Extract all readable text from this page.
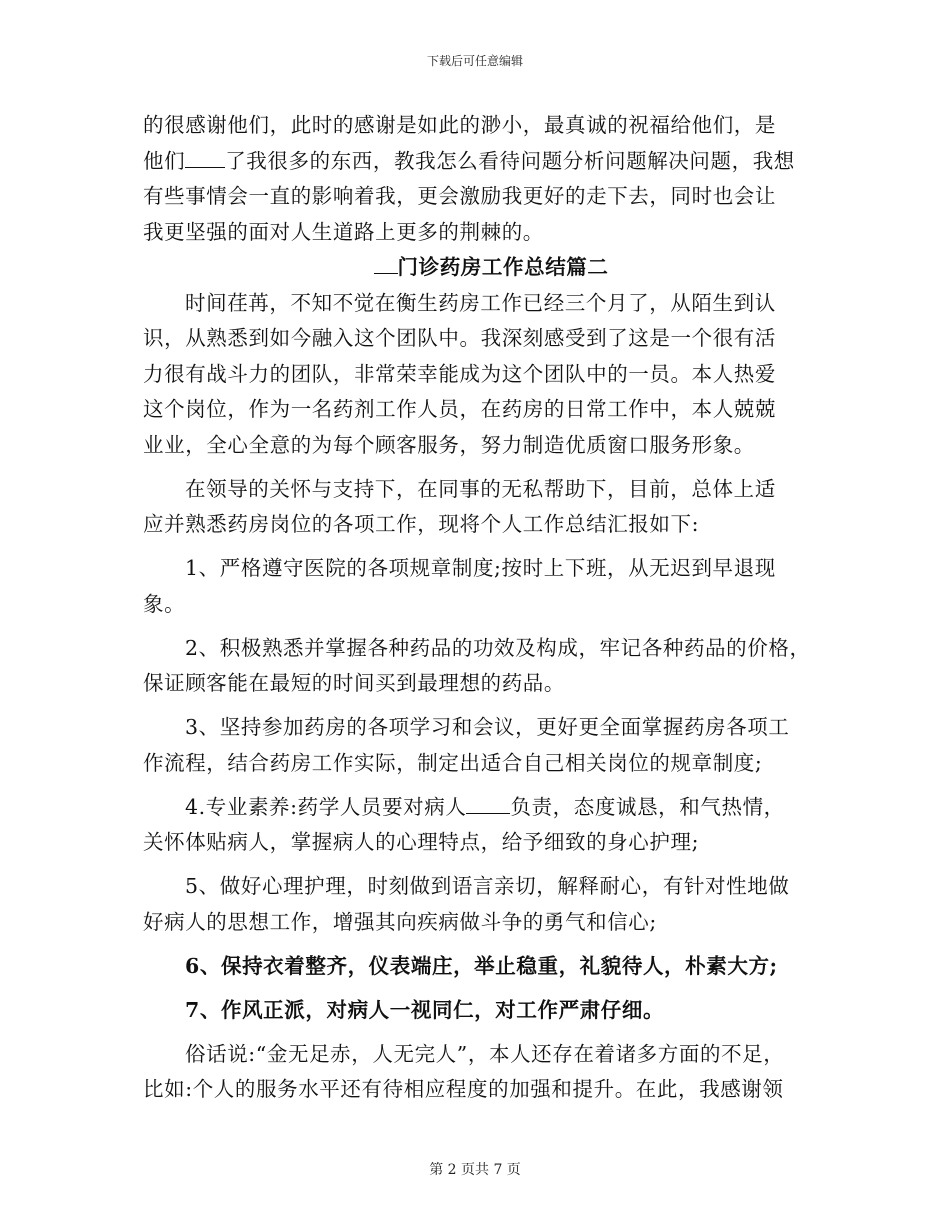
下载后可任意编辑
的很感谢他们，此时的感谢是如此的渺小，最真诚的祝福给他们，是
他们 了我很多的东西，教我怎么看待问题分析问题解决问题，我想
有些事情会一直的影响着我，更会激励我更好的走下去，同时也会让
我更坚强的面对人生道路上更多的荆棘的。
门诊药房工作总结篇二
时间荏苒，不知不觉在衡生药房工作已经三个月了，从陌生到认
识，从熟悉到如今融入这个团队中。我深刻感受到了这是一个很有活
力很有战斗力的团队，非常荣幸能成为这个团队中的一员。本人热爱
这个岗位，作为一名药剂工作人员，在药房的日常工作中，本人兢兢
业业，全心全意的为每个顾客服务，努力制造优质窗口服务形象。
在领导的关怀与支持下，在同事的无私帮助下，目前，总体上适
应并熟悉药房岗位的各项工作，现将个人工作总结汇报如下:
1、严格遵守医院的各项规章制度;按时上下班，从无迟到早退现
象。
2、积极熟悉并掌握各种药品的功效及构成，牢记各种药品的价格，
保证顾客能在最短的时间买到最理想的药品。
3、坚持参加药房的各项学习和会议，更好更全面掌握药房各项工
作流程，结合药房工作实际，制定出适合自己相关岗位的规章制度;
4.专业素养:药学人员要对病人 负责，态度诚恳，和气热情，
关怀体贴病人，掌握病人的心理特点，给予细致的身心护理;
5、做好心理护理，时刻做到语言亲切，解释耐心，有针对性地做
好病人的思想工作，增强其向疾病做斗争的勇气和信心;
6、保持衣着整齐，仪表端庄，举止稳重，礼貌待人，朴素大方;
7、作风正派，对病人一视同仁，对工作严肃仔细。
俗话说:“金无足赤，人无完人”，本人还存在着诸多方面的不足，
比如:个人的服务水平还有待相应程度的加强和提升。在此，我感谢领
第 2 页共 7 页
